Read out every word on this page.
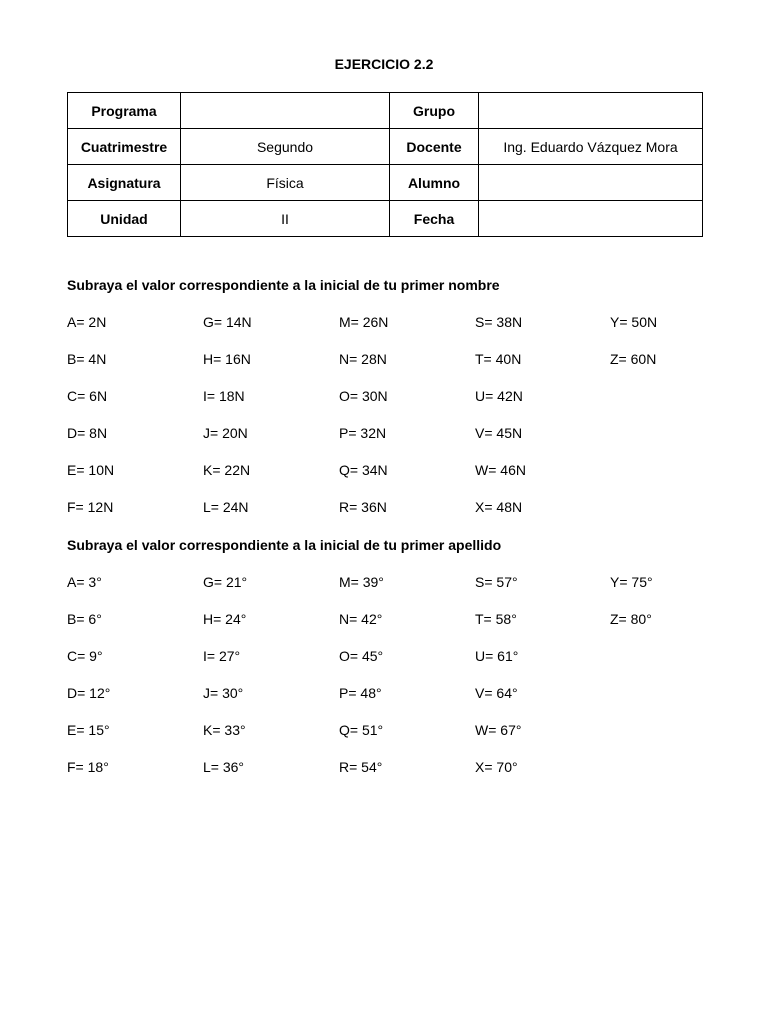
EJERCICIO 2.2
Programa		Grupo	
Cuatrimestre	Segundo	Docente	Ing. Eduardo Vázquez Mora
Asignatura	Física	Alumno	
Unidad	II	Fecha	
Subraya el valor correspondiente a la inicial de tu primer nombre
A= 2N	G= 14N	M= 26N	S= 38N	Y= 50N
B= 4N	H= 16N	N= 28N	T= 40N	Z= 60N
C= 6N	I= 18N	O= 30N	U= 42N
D= 8N	J= 20N	P= 32N	V= 45N
E= 10N	K= 22N	Q= 34N	W= 46N
F= 12N	L= 24N	R= 36N	X= 48N
Subraya el valor correspondiente a la inicial de tu primer apellido
A= 3°	G= 21°	M= 39°	S= 57°	Y= 75°
B= 6°	H= 24°	N= 42°	T= 58°	Z= 80°
C= 9°	I= 27°	O= 45°	U= 61°
D= 12°	J= 30°	P= 48°	V= 64°
E= 15°	K= 33°	Q= 51°	W= 67°
F= 18°	L= 36°	R= 54°	X= 70°
